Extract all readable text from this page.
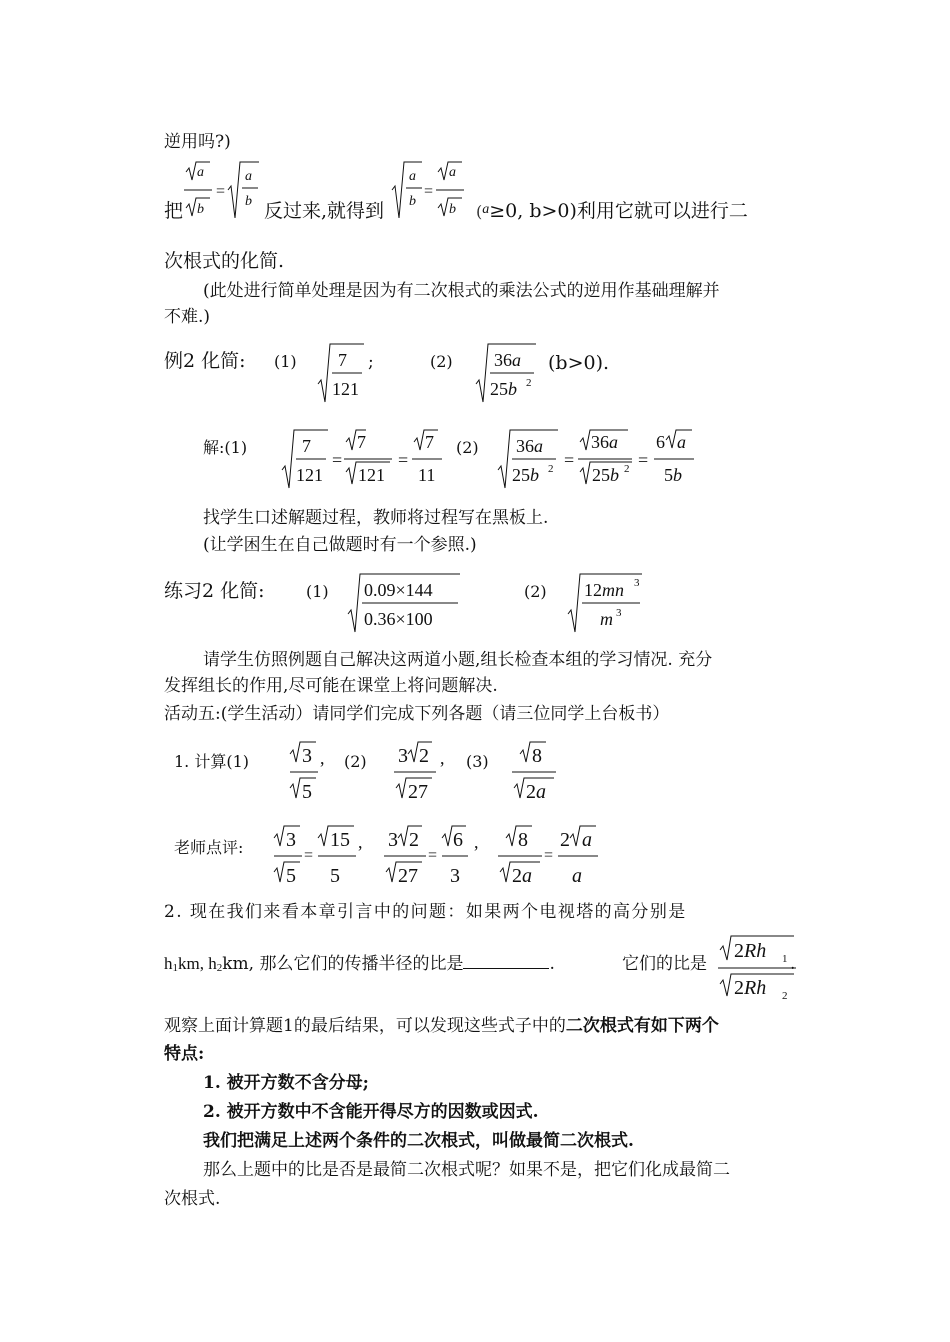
逆用吗?)
把
a
b
=
a
b 反过来,就得到
a
b
=
a
b ($^a$≥0, b>0)利用它就可以进行二
次根式的化简.
(此处进行简单处理是因为有二次根式的乘法公式的逆用作基础理解并
不难.)
例2 化简: (1) 7
121
;	(2) 36a
25b 2
(b>0).
解:(1)	7
121
=
7
121
=
7
11
(2) 36a
25b 2 =
36a
25b 2 =
6 a
5b
找学生口述解题过程，教师将过程写在黑板上.
(让学困生在自己做题时有一个参照.)
练习2 化简:	(1) 0.09×144
0.36×100
(2) 12mn 3
m 3
请学生仿照例题自己解决这两道小题,组长检查本组的学习情况. 充分
发挥组长的作用,尽可能在课堂上将问题解决.
活动五:(学生活动）请同学们完成下列各题（请三位同学上台板书）
1. 计算(1)	3 ,
5
(2) 3 2 ,
27
(3) 8
2a
老师点评: 3
5
=
15 ,
5
3 2
27
=
6 ,
3
8
2a
=
2 a
a
2. 现在我们来看本章引言中的问题：如果两个电视塔的高分别是
h1km, h2km, 那么它们的传播半径的比是	.	它们的比是
2Rh 1
2Rh 2
.
观察上面计算题1的最后结果，可以发现这些式子中的二次根式有如下两个
特点:
1. 被开方数不含分母;
2. 被开方数中不含能开得尽方的因数或因式.
我们把满足上述两个条件的二次根式，叫做最简二次根式.
那么上题中的比是否是最简二次根式呢？如果不是，把它们化成最简二
次根式.
